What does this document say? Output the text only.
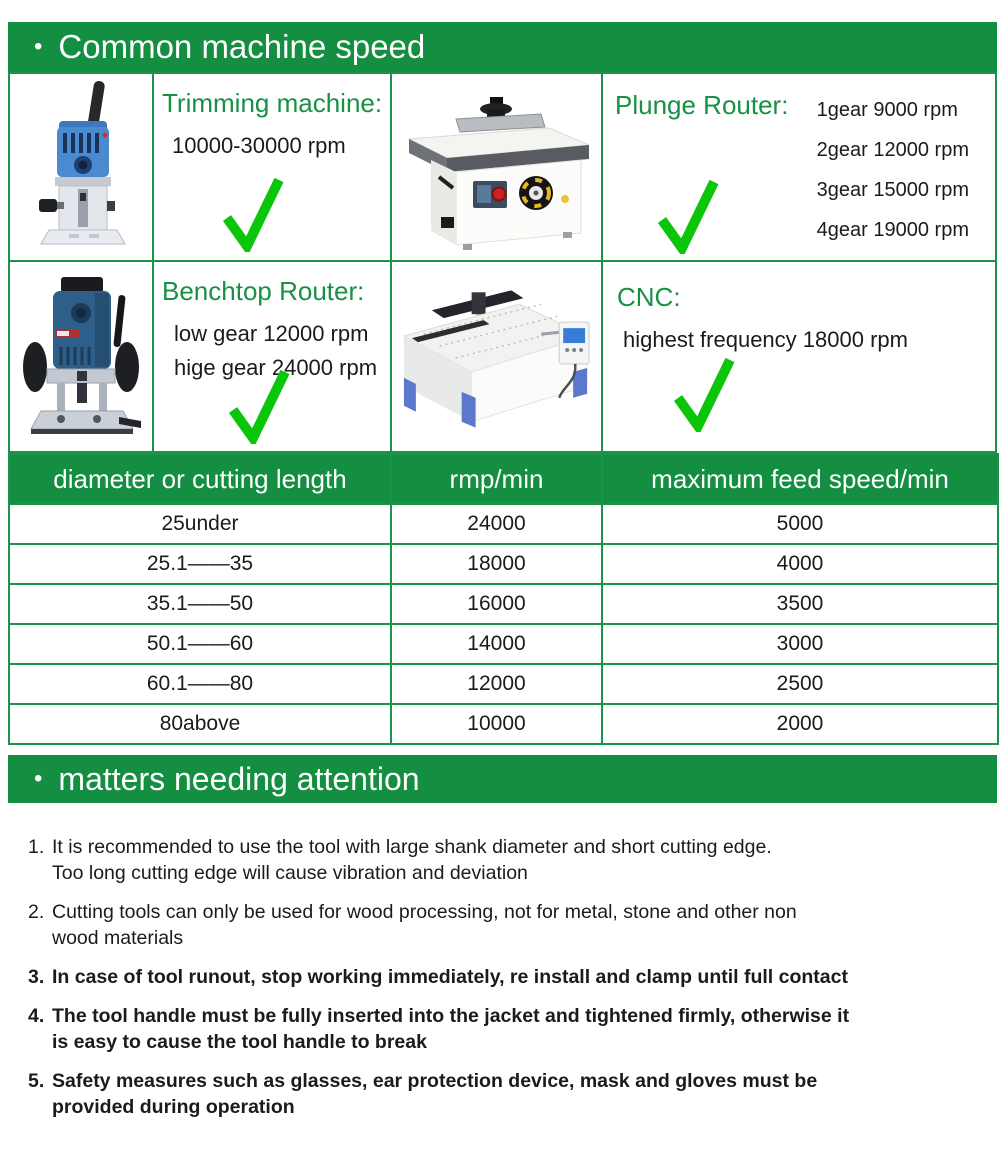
• Common machine speed
Trimming machine:
10000-30000 rpm
Plunge Router: 1gear 9000 rpm
2gear 12000 rpm
3gear 15000 rpm
4gear 19000 rpm
Benchtop Router:
low gear 12000 rpm
hige gear 24000 rpm
CNC:
highest frequency 18000 rpm
diameter or cutting length	rmp/min	maximum feed speed/min
25under	24000	5000
25.1——35	18000	4000
35.1——50	16000	3500
50.1——60	14000	3000
60.1——80	12000	2500
80above	10000	2000
• matters needing attention
1. It is recommended to use the tool with large shank diameter and short cutting edge.
Too long cutting edge will cause vibration and deviation
2. Cutting tools can only be used for wood processing, not for metal, stone and other non
wood materials
3. In case of tool runout, stop working immediately, re install and clamp until full contact
4. The tool handle must be fully inserted into the jacket and tightened firmly, otherwise it
is easy to cause the tool handle to break
5. Safety measures such as glasses, ear protection device, mask and gloves must be
provided during operation
